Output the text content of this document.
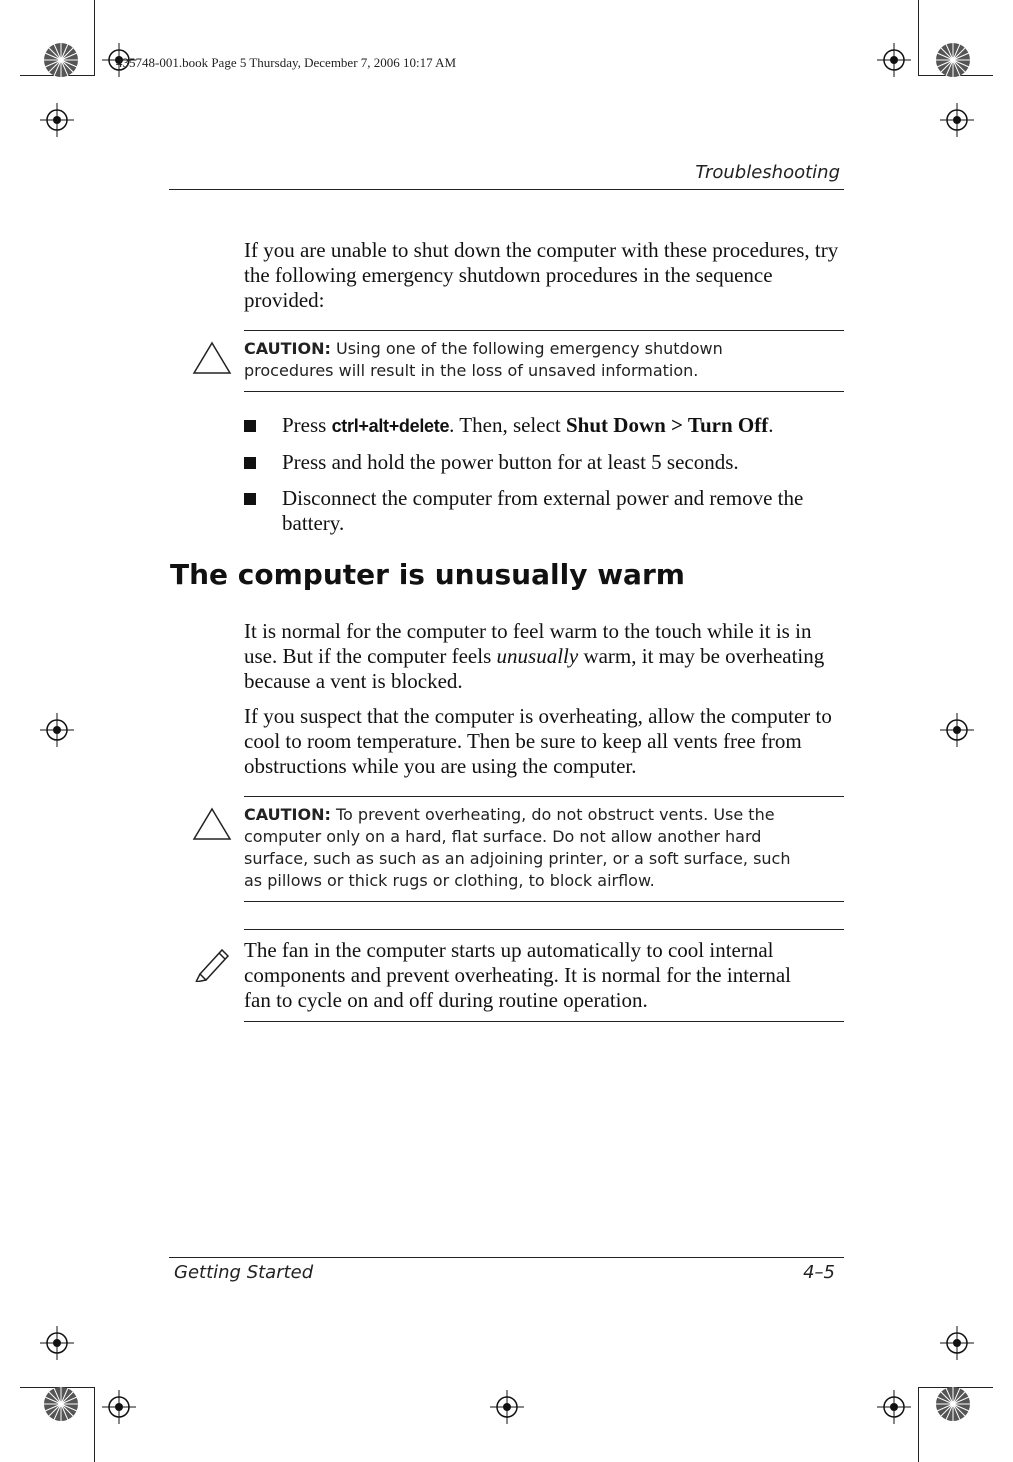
435748-001.book Page 5 Thursday, December 7, 2006 10:17 AM
Troubleshooting

If you are unable to shut down the computer with these procedures, try the following emergency shutdown procedures in the sequence provided:

CAUTION: Using one of the following emergency shutdown procedures will result in the loss of unsaved information.
Press ctrl+alt+delete. Then, select Shut Down > Turn Off.
Press and hold the power button for at least 5 seconds.
Disconnect the computer from external power and remove the battery.
The computer is unusually warm

It is normal for the computer to feel warm to the touch while it is in use. But if the computer feels unusually warm, it may be overheating because a vent is blocked.

If you suspect that the computer is overheating, allow the computer to cool to room temperature. Then be sure to keep all vents free from obstructions while you are using the computer.

CAUTION: To prevent overheating, do not obstruct vents. Use the computer only on a hard, flat surface. Do not allow another hard surface, such as such as an adjoining printer, or a soft surface, such as pillows or thick rugs or clothing, to block airflow.
The fan in the computer starts up automatically to cool internal components and prevent overheating. It is normal for the internal fan to cycle on and off during routine operation.
Getting Started	4–5
